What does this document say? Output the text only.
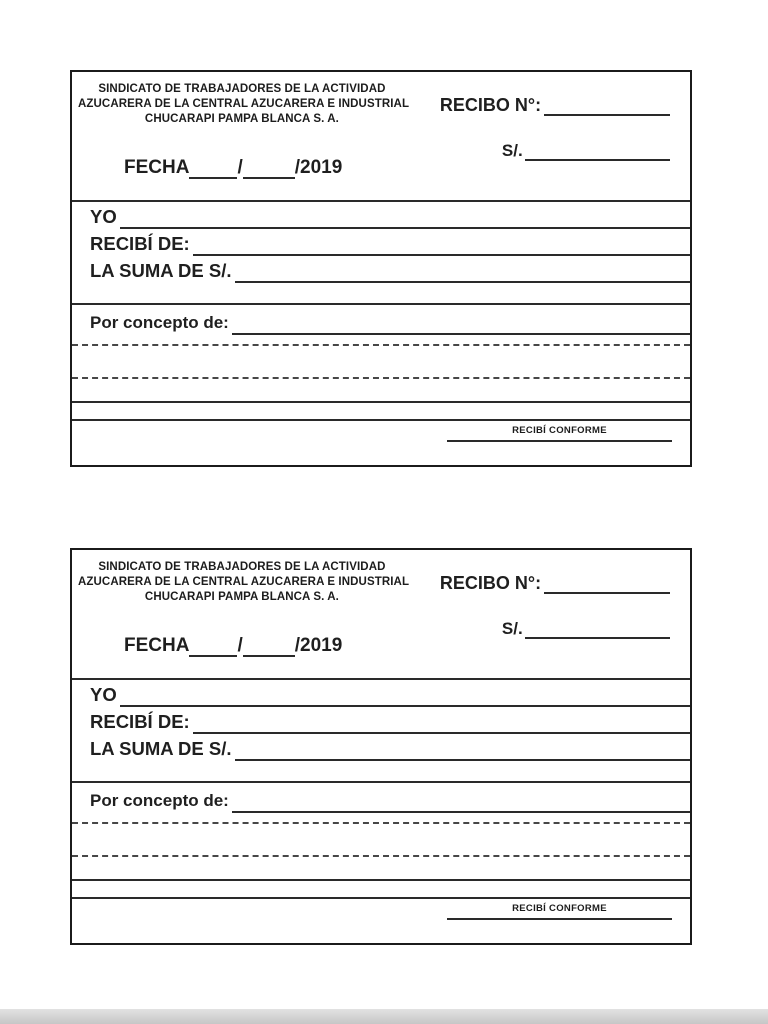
SINDICATO DE TRABAJADORES DE LA ACTIVIDAD
AZUCARERA DE LA CENTRAL AZUCARERA E INDUSTRIAL
CHUCARAPI PAMPA BLANCA S. A.
FECHA	/	/2019
RECIBO N°:
S/.
YO
RECIBÍ DE:
LA SUMA DE S/.
Por concepto de:
RECIBÍ CONFORME
SINDICATO DE TRABAJADORES DE LA ACTIVIDAD
AZUCARERA DE LA CENTRAL AZUCARERA E INDUSTRIAL
CHUCARAPI PAMPA BLANCA S. A.
FECHA	/	/2019
RECIBO N°:
S/.
YO
RECIBÍ DE:
LA SUMA DE S/.
Por concepto de:
RECIBÍ CONFORME
